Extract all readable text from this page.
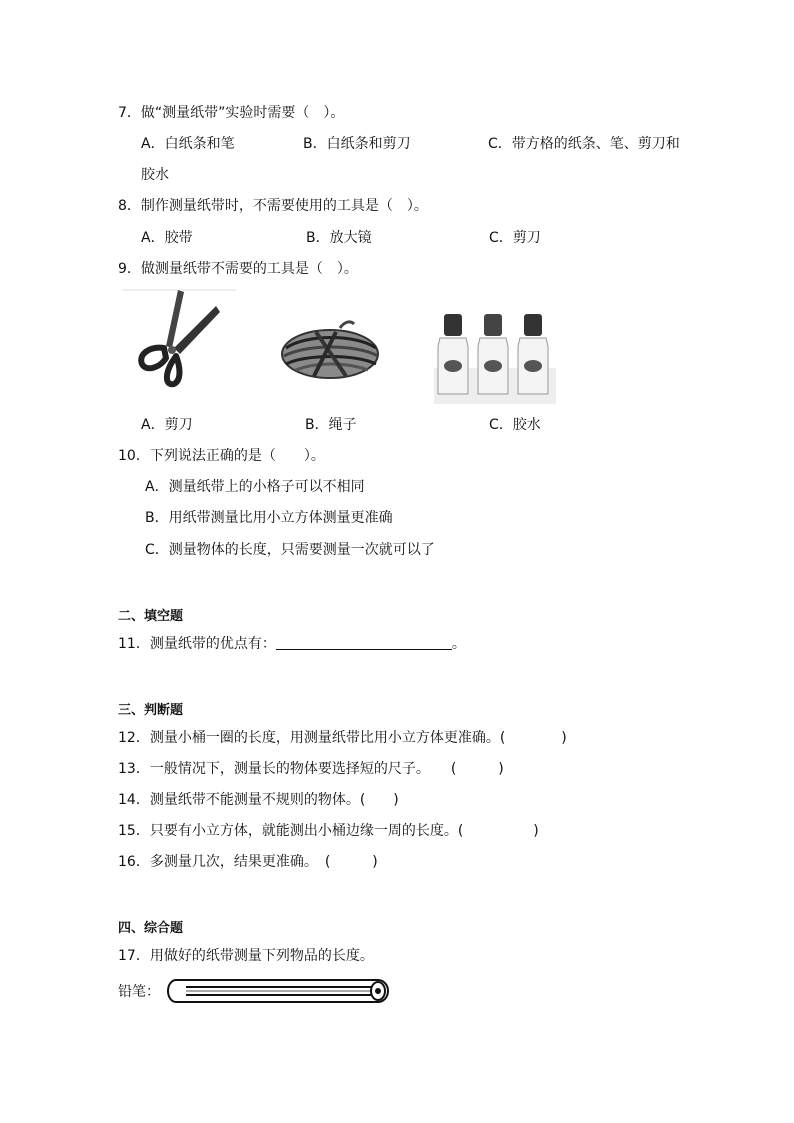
7．做“测量纸带”实验时需要（　）。
A．白纸条和笔	B．白纸条和剪刀	C．带方格的纸条、笔、剪刀和
胶水
8．制作测量纸带时，不需要使用的工具是（　）。
A．胶带	B．放大镜	C．剪刀
9．做测量纸带不需要的工具是（　）。
A．剪刀	B．绳子	C．胶水
10．下列说法正确的是（　　）。
A．测量纸带上的小格子可以不相同
B．用纸带测量比用小立方体测量更准确
C．测量物体的长度，只需要测量一次就可以了
二、填空题
11．测量纸带的优点有：	。
三、判断题
12．测量小桶一圈的长度，用测量纸带比用小立方体更准确。(　　　　)
13．一般情况下，测量长的物体要选择短的尺子。　　(　　　)
14．测量纸带不能测量不规则的物体。(　　)
15．只要有小立方体，就能测出小桶边缘一周的长度。(　　　　　)
16．多测量几次，结果更准确。　(　　　)
四、综合题
17．用做好的纸带测量下列物品的长度。
铅笔：
